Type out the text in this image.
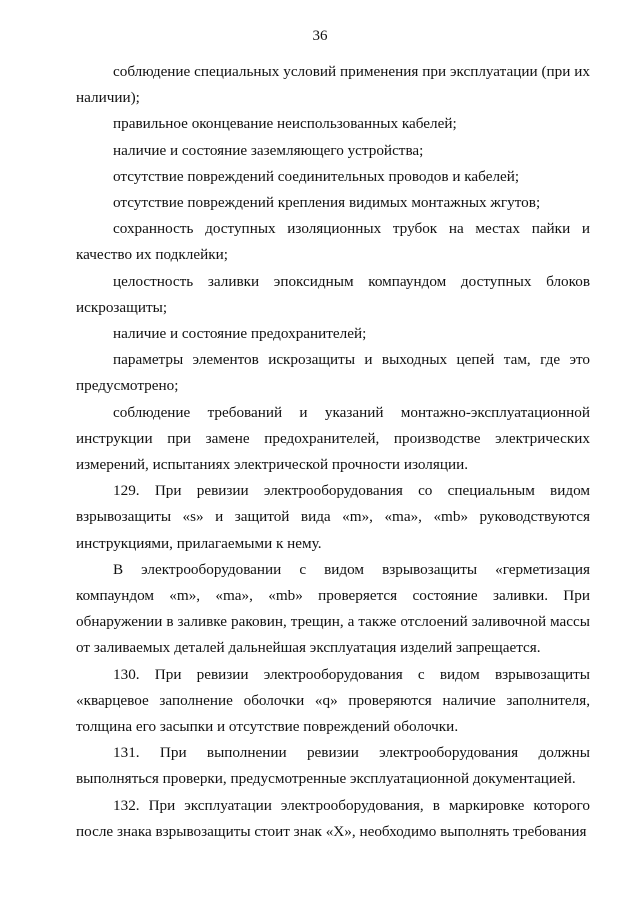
36

соблюдение специальных условий применения при эксплуатации (при их наличии);

правильное оконцевание неиспользованных кабелей;

наличие и состояние заземляющего устройства;

отсутствие повреждений соединительных проводов и кабелей;

отсутствие повреждений крепления видимых монтажных жгутов;

сохранность доступных изоляционных трубок на местах пайки и качество их подклейки;

целостность заливки эпоксидным компаундом доступных блоков искрозащиты;

наличие и состояние предохранителей;

параметры элементов искрозащиты и выходных цепей там, где это предусмотрено;

соблюдение требований и указаний монтажно-эксплуатационной инструкции при замене предохранителей, производстве электрических измерений, испытаниях электрической прочности изоляции.

129. При ревизии электрооборудования со специальным видом взрывозащиты «s» и защитой вида «m», «ma», «mb» руководствуются инструкциями, прилагаемыми к нему.

В электрооборудовании с видом взрывозащиты «герметизация компаундом «m», «ma», «mb» проверяется состояние заливки. При обнаружении в заливке раковин, трещин, а также отслоений заливочной массы от заливаемых деталей дальнейшая эксплуатация изделий запрещается.

130. При ревизии электрооборудования с видом взрывозащиты «кварцевое заполнение оболочки «q» проверяются наличие заполнителя, толщина его засыпки и отсутствие повреждений оболочки.

131. При выполнении ревизии электрооборудования должны выполняться проверки, предусмотренные эксплуатационной документацией.

132. При эксплуатации электрооборудования, в маркировке которого после знака взрывозащиты стоит знак «X», необходимо выполнять требования
